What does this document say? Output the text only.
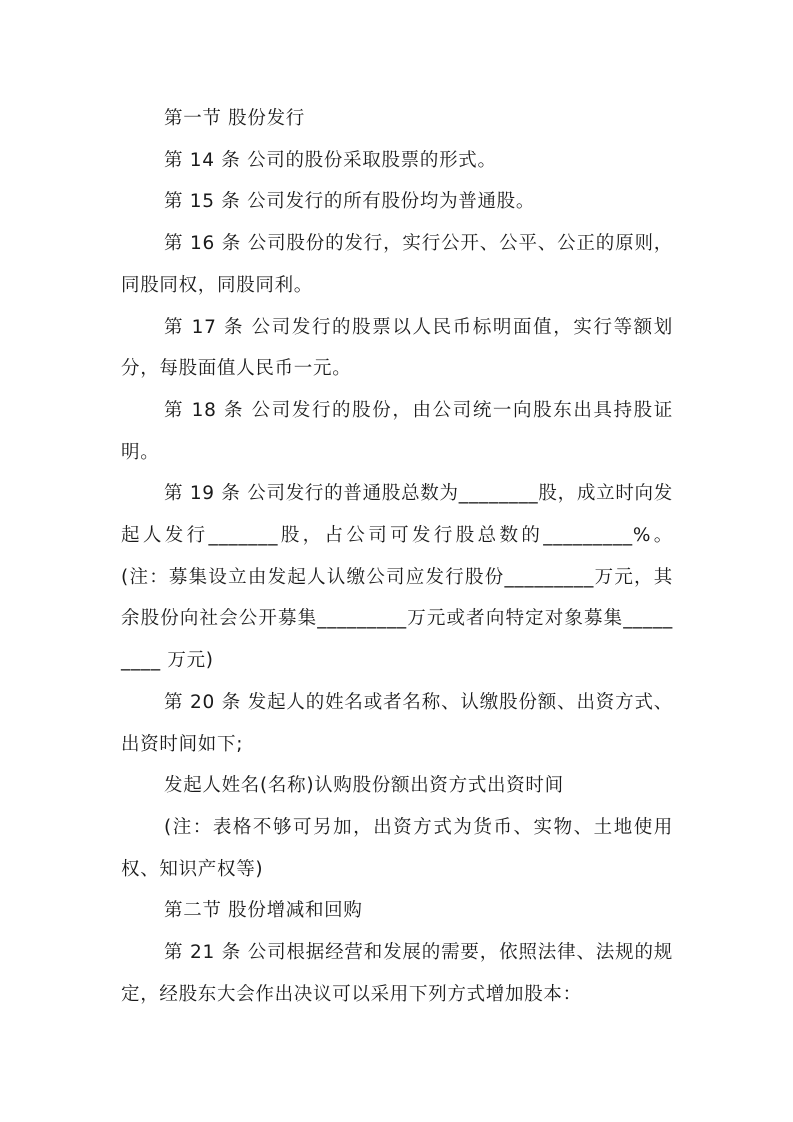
第一节 股份发行

第 14 条 公司的股份采取股票的形式。

第 15 条 公司发行的所有股份均为普通股。

第 16 条 公司股份的发行，实行公开、公平、公正的原则，同股同权，同股同利。

第 17 条 公司发行的股票以人民币标明面值，实行等额划分，每股面值人民币一元。

第 18 条 公司发行的股份，由公司统一向股东出具持股证明。

第 19 条 公司发行的普通股总数为________股，成立时向发起人发行_______股，占公司可发行股总数的_________%。 (注：募集设立由发起人认缴公司应发行股份_________万元，其余股份向社会公开募集_________万元或者向特定对象募集_________ 万元)

第 20 条 发起人的姓名或者名称、认缴股份额、出资方式、出资时间如下;

发起人姓名(名称)认购股份额出资方式出资时间

(注：表格不够可另加，出资方式为货币、实物、土地使用权、知识产权等)

第二节 股份增减和回购

第 21 条 公司根据经营和发展的需要，依照法律、法规的规定，经股东大会作出决议可以采用下列方式增加股本：
